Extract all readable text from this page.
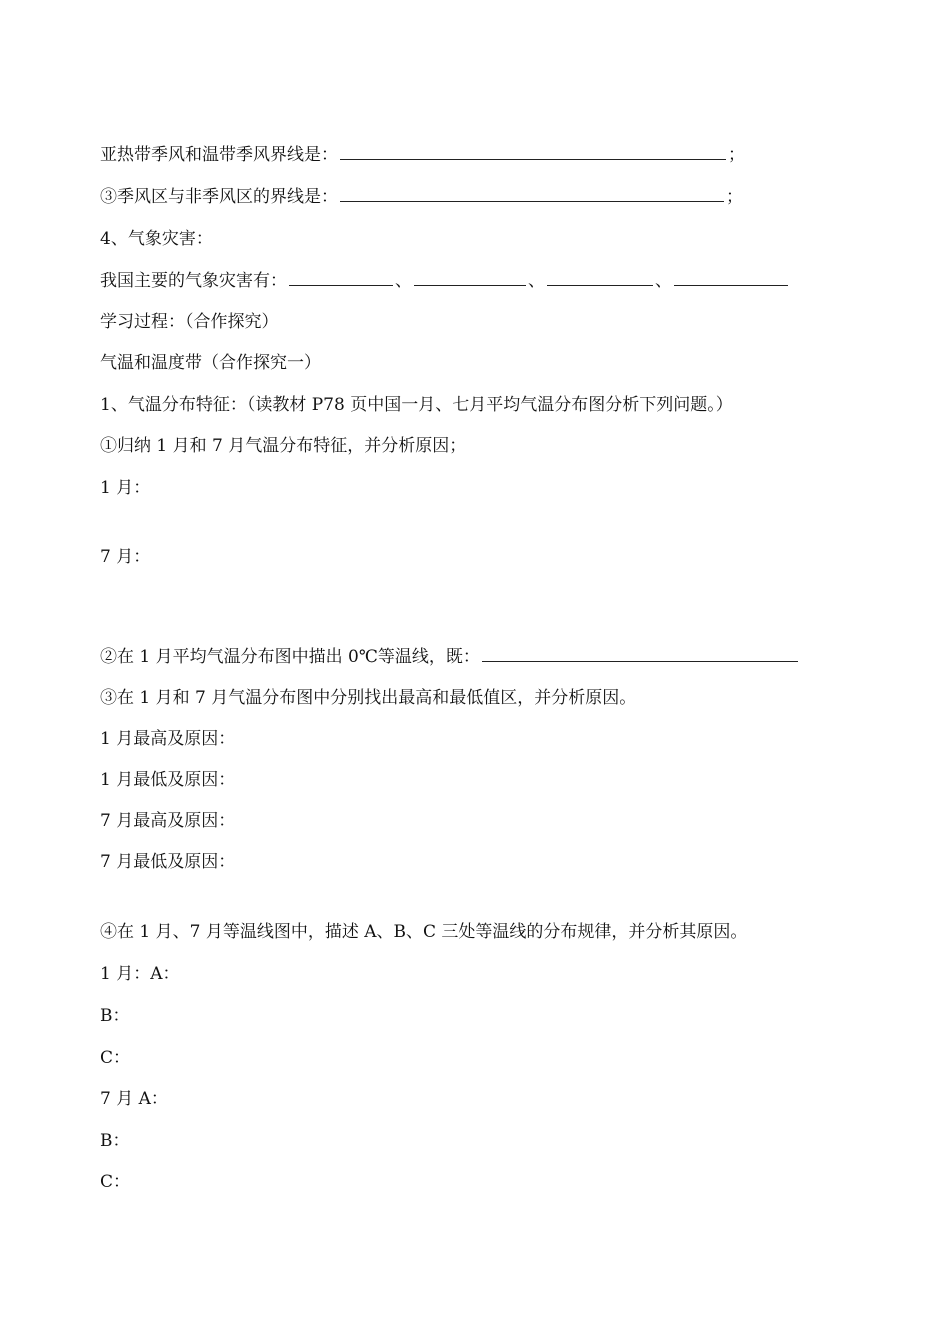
亚热带季风和温带季风界线是：	；
③季风区与非季风区的界线是：	；
4、气象灾害：
我国主要的气象灾害有：	、	、	、
学习过程：（合作探究）
气温和温度带（合作探究一）
1、气温分布特征：（读教材 P78 页中国一月、七月平均气温分布图分析下列问题。）
①归纳 1 月和 7 月气温分布特征，并分析原因；
1 月：
7 月：
②在 1 月平均气温分布图中描出 0℃等温线，既：
③在 1 月和 7 月气温分布图中分别找出最高和最低值区，并分析原因。
1 月最高及原因：
1 月最低及原因：
7 月最高及原因：
7 月最低及原因：
④在 1 月、7 月等温线图中，描述 A、B、C 三处等温线的分布规律，并分析其原因。
1 月：A：
B：
C：
7 月 A：
B：
C：
